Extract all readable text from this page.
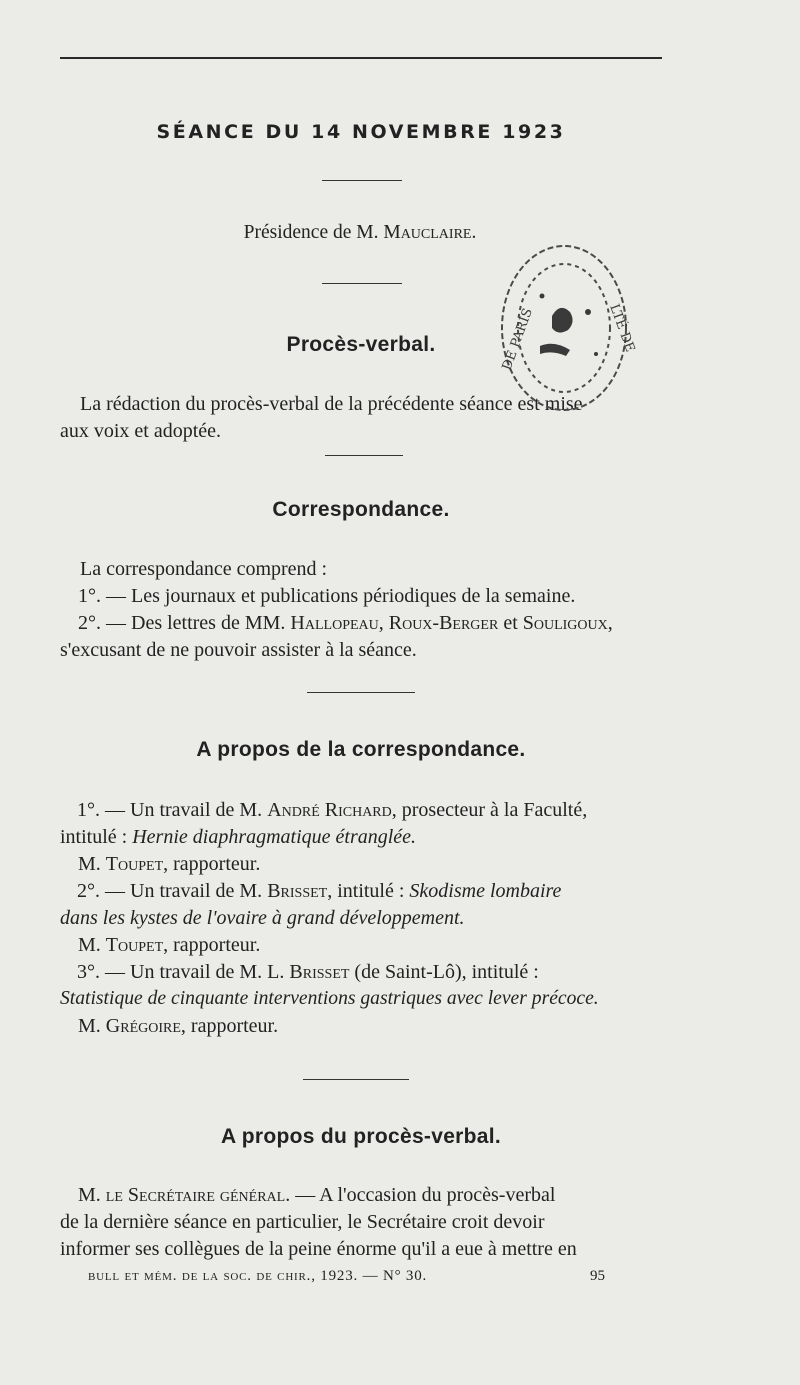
SÉANCE DU 14 NOVEMBRE 1923
Présidence de M. Mauclaire.
Procès-verbal.
La rédaction du procès-verbal de la précédente séance est mise
aux voix et adoptée.
DE PARIS	LTÉ DE
Correspondance.
La correspondance comprend :
1°. — Les journaux et publications périodiques de la semaine.
2°. — Des lettres de MM. Hallopeau, Roux-Berger et Souligoux,
s'excusant de ne pouvoir assister à la séance.
A propos de la correspondance.
1°. — Un travail de M. André Richard, prosecteur à la Faculté,
intitulé : Hernie diaphragmatique étranglée.
M. Toupet, rapporteur.
2°. — Un travail de M. Brisset, intitulé : Skodisme lombaire
dans les kystes de l'ovaire à grand développement.
M. Toupet, rapporteur.
3°. — Un travail de M. L. Brisset (de Saint-Lô), intitulé :
Statistique de cinquante interventions gastriques avec lever précoce.
M. Grégoire, rapporteur.
A propos du procès-verbal.
M. le Secrétaire général. — A l'occasion du procès-verbal
de la dernière séance en particulier, le Secrétaire croit devoir
informer ses collègues de la peine énorme qu'il a eue à mettre en
bull et mém. de la soc. de chir., 1923. — N° 30.	95
